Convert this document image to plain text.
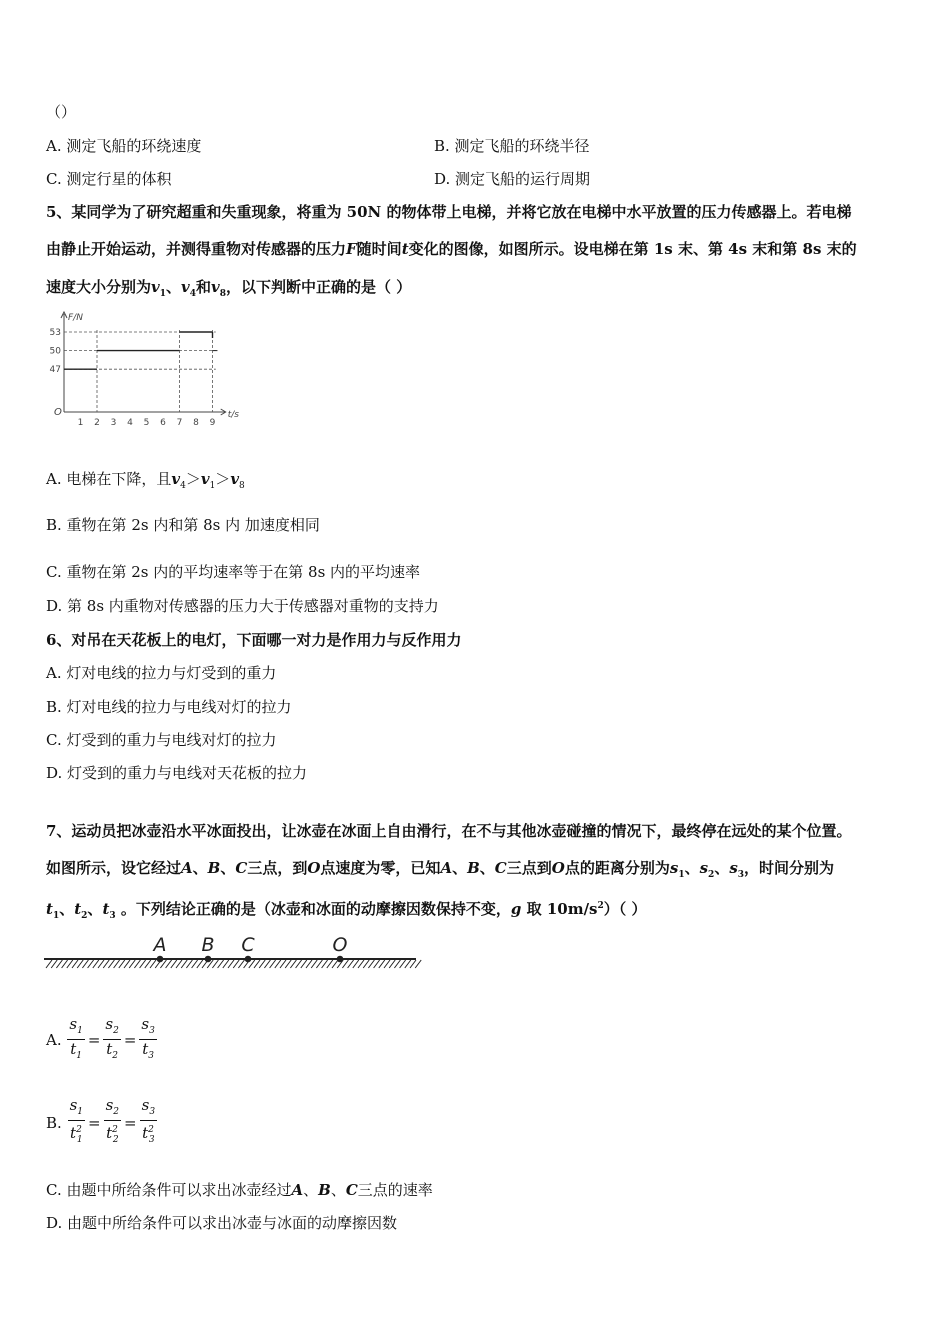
（）
A. 测定飞船的环绕速度	B. 测定飞船的环绕半径
C. 测定行星的体积	D. 测定飞船的运行周期
5、某同学为了研究超重和失重现象，将重为 50N 的物体带上电梯，并将它放在电梯中水平放置的压力传感器上。若电梯
由静止开始运动，并测得重物对传感器的压力F随时间t变化的图像，如图所示。设电梯在第 1s 末、第 4s 末和第 8s 末的
速度大小分别为$v_1$、$v_4$和$v_8$，以下判断中正确的是（ ）
F/N
t/s
O
47
50
53
1 2 3 4 5 6 7 8 9
A. 电梯在下降，且$v_4>v_1>v_8$
B. 重物在第 2s 内和第 8s 内 加速度相同
C. 重物在第 2s 内的平均速率等于在第 8s 内的平均速率
D. 第 8s 内重物对传感器的压力大于传感器对重物的支持力
6、对吊在天花板上的电灯，下面哪一对力是作用力与反作用力
A. 灯对电线的拉力与灯受到的重力
B. 灯对电线的拉力与电线对灯的拉力
C. 灯受到的重力与电线对灯的拉力
D. 灯受到的重力与电线对天花板的拉力
7、运动员把冰壶沿水平冰面投出，让冰壶在冰面上自由滑行，在不与其他冰壶碰撞的情况下，最终停在远处的某个位置。
如图所示，设它经过A、B、C三点，到O点速度为零，已知A、B、C三点到O点的距离分别为$s_1$、$s_2$、$s_3$，时间分别为
$t_1$、$t_2$、$t_3$ 。下列结论正确的是（冰壶和冰面的动摩擦因数保持不变，g 取 $10m/s^2$）（ ）
A B C	O
A. $\frac{s_1}{t_1} = \frac{s_2}{t_2} = \frac{s_3}{t_3}$
B. $\frac{s_1}{t^2_1} = \frac{s_2}{t^2_2} = \frac{s_3}{t^2_3}$
C. 由题中所给条件可以求出冰壶经过A、B、C三点的速率
D. 由题中所给条件可以求出冰壶与冰面的动摩擦因数
